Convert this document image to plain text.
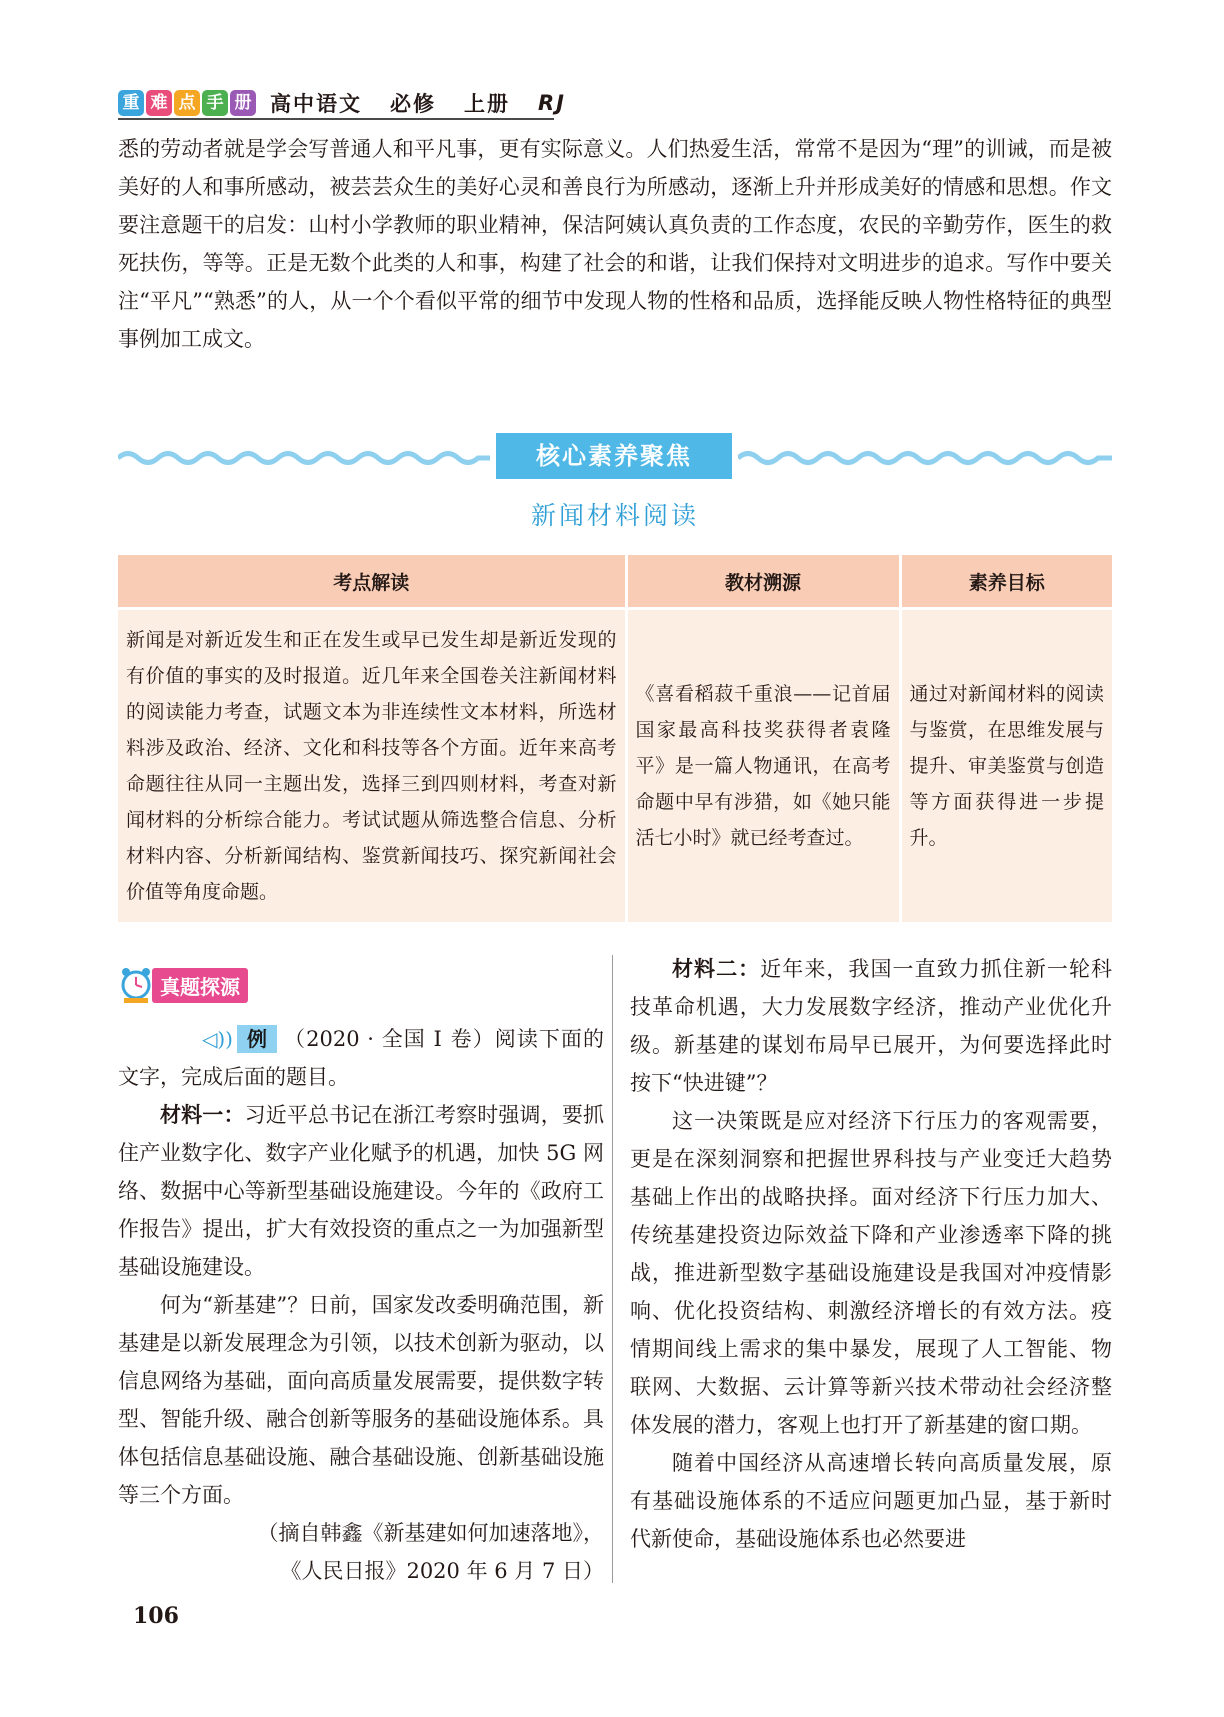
重 难 点 手 册 高中语文 必修 上册 RJ

悉的劳动者就是学会写普通人和平凡事，更有实际意义。人们热爱生活，常常不是因为“理”的训诫，而是被美好的人和事所感动，被芸芸众生的美好心灵和善良行为所感动，逐渐上升并形成美好的情感和思想。作文要注意题干的启发：山村小学教师的职业精神，保洁阿姨认真负责的工作态度，农民的辛勤劳作，医生的救死扶伤，等等。正是无数个此类的人和事，构建了社会的和谐，让我们保持对文明进步的追求。写作中要关注“平凡”“熟悉”的人，从一个个看似平常的细节中发现人物的性格和品质，选择能反映人物性格特征的典型事例加工成文。

核心素养聚焦
新闻材料阅读
考点解读	教材溯源	素养目标
新闻是对新近发生和正在发生或早已发生却是新近发现的有价值的事实的及时报道。近几年来全国卷关注新闻材料的阅读能力考查，试题文本为非连续性文本材料，所选材料涉及政治、经济、文化和科技等各个方面。近年来高考命题往往从同一主题出发，选择三到四则材料，考查对新闻材料的分析综合能力。考试试题从筛选整合信息、分析材料内容、分析新闻结构、鉴赏新闻技巧、探究新闻社会价值等角度命题。	《喜看稻菽千重浪——记首届国家最高科技奖获得者袁隆平》是一篇人物通讯，在高考命题中早有涉猎，如《她只能活七小时》就已经考查过。	通过对新闻材料的阅读与鉴赏，在思维发展与提升、审美鉴赏与创造等方面获得进一步提升。
真题探源

◁)) 例 （2020 · 全国 Ⅰ 卷）阅读下面的文字，完成后面的题目。

材料一：习近平总书记在浙江考察时强调，要抓住产业数字化、数字产业化赋予的机遇，加快 5G 网络、数据中心等新型基础设施建设。今年的《政府工作报告》提出，扩大有效投资的重点之一为加强新型基础设施建设。

何为“新基建”？日前，国家发改委明确范围，新基建是以新发展理念为引领，以技术创新为驱动，以信息网络为基础，面向高质量发展需要，提供数字转型、智能升级、融合创新等服务的基础设施体系。具体包括信息基础设施、融合基础设施、创新基础设施等三个方面。

（摘自韩鑫《新基建如何加速落地》，

《人民日报》2020 年 6 月 7 日）

材料二：近年来，我国一直致力抓住新一轮科技革命机遇，大力发展数字经济，推动产业优化升级。新基建的谋划布局早已展开，为何要选择此时按下“快进键”？

这一决策既是应对经济下行压力的客观需要，更是在深刻洞察和把握世界科技与产业变迁大趋势基础上作出的战略抉择。面对经济下行压力加大、传统基建投资边际效益下降和产业渗透率下降的挑战，推进新型数字基础设施建设是我国对冲疫情影响、优化投资结构、刺激经济增长的有效方法。疫情期间线上需求的集中暴发，展现了人工智能、物联网、大数据、云计算等新兴技术带动社会经济整体发展的潜力，客观上也打开了新基建的窗口期。

随着中国经济从高速增长转向高质量发展，原有基础设施体系的不适应问题更加凸显，基于新时代新使命，基础设施体系也必然要进

106
